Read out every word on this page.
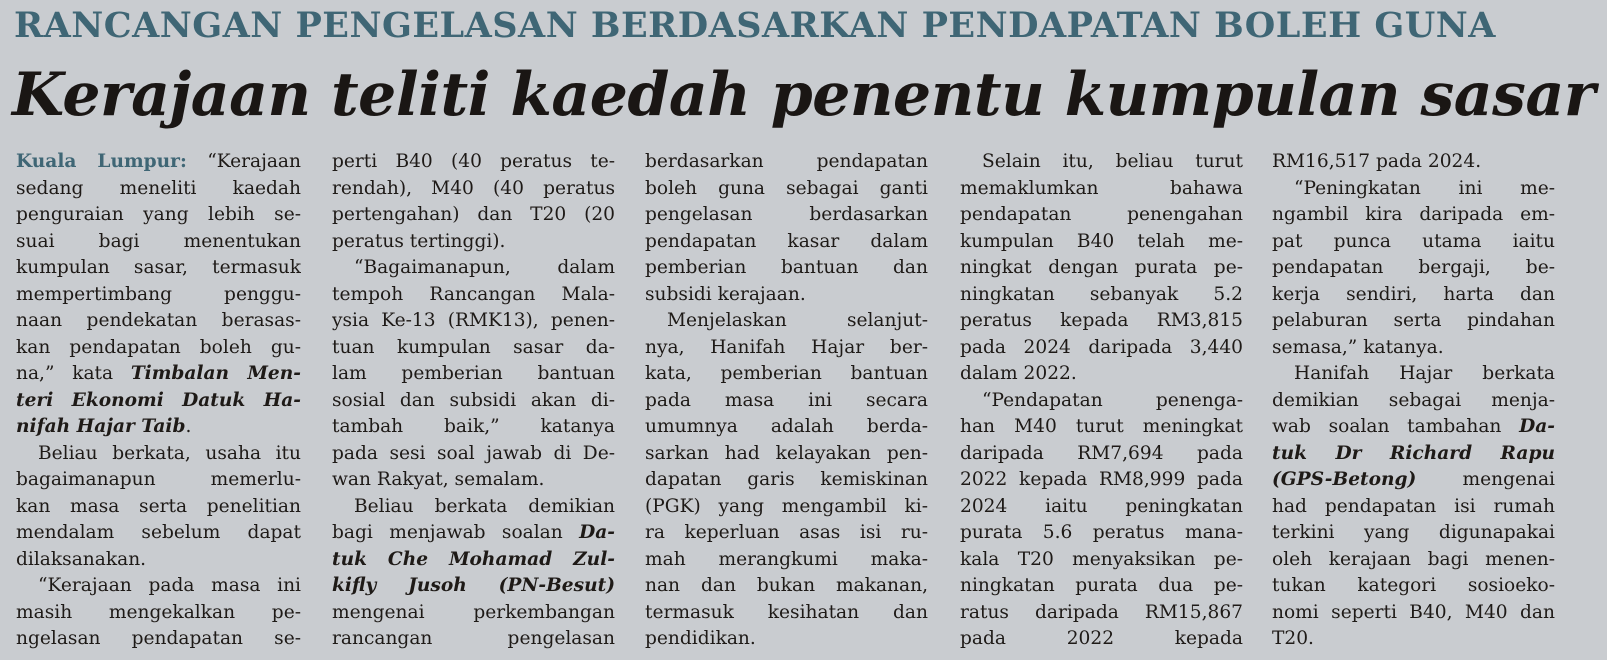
RANCANGAN PENGELASAN BERDASARKAN PENDAPATAN BOLEH GUNA
Kerajaan teliti kaedah penentu kumpulan sasar
Kuala Lumpur: “Kerajaan
sedang meneliti kaedah
penguraian yang lebih se-
suai bagi menentukan
kumpulan sasar, termasuk
mempertimbang penggu-
naan pendekatan berasas-
kan pendapatan boleh gu-
na,” kata Timbalan Men-
teri Ekonomi Datuk Ha-
nifah Hajar Taib.
Beliau berkata, usaha itu
bagaimanapun memerlu-
kan masa serta penelitian
mendalam sebelum dapat
dilaksanakan.
“Kerajaan pada masa ini
masih mengekalkan pe-
ngelasan pendapatan se-
perti B40 (40 peratus te-
rendah), M40 (40 peratus
pertengahan) dan T20 (20
peratus tertinggi).
“Bagaimanapun, dalam
tempoh Rancangan Mala-
ysia Ke-13 (RMK13), penen-
tuan kumpulan sasar da-
lam pemberian bantuan
sosial dan subsidi akan di-
tambah baik,” katanya
pada sesi soal jawab di De-
wan Rakyat, semalam.
Beliau berkata demikian
bagi menjawab soalan Da-
tuk Che Mohamad Zul-
kifly Jusoh (PN-Besut)
mengenai perkembangan
rancangan pengelasan
berdasarkan pendapatan
boleh guna sebagai ganti
pengelasan berdasarkan
pendapatan kasar dalam
pemberian bantuan dan
subsidi kerajaan.
Menjelaskan selanjut-
nya, Hanifah Hajar ber-
kata, pemberian bantuan
pada masa ini secara
umumnya adalah berda-
sarkan had kelayakan pen-
dapatan garis kemiskinan
(PGK) yang mengambil ki-
ra keperluan asas isi ru-
mah merangkumi maka-
nan dan bukan makanan,
termasuk kesihatan dan
pendidikan.
Selain itu, beliau turut
memaklumkan bahawa
pendapatan penengahan
kumpulan B40 telah me-
ningkat dengan purata pe-
ningkatan sebanyak 5.2
peratus kepada RM3,815
pada 2024 daripada 3,440
dalam 2022.
“Pendapatan penenga-
han M40 turut meningkat
daripada RM7,694 pada
2022 kepada RM8,999 pada
2024 iaitu peningkatan
purata 5.6 peratus mana-
kala T20 menyaksikan pe-
ningkatan purata dua pe-
ratus daripada RM15,867
pada 2022 kepada
RM16,517 pada 2024.
“Peningkatan ini me-
ngambil kira daripada em-
pat punca utama iaitu
pendapatan bergaji, be-
kerja sendiri, harta dan
pelaburan serta pindahan
semasa,” katanya.
Hanifah Hajar berkata
demikian sebagai menja-
wab soalan tambahan Da-
tuk Dr Richard Rapu
(GPS-Betong) mengenai
had pendapatan isi rumah
terkini yang digunapakai
oleh kerajaan bagi menen-
tukan kategori sosioeko-
nomi seperti B40, M40 dan
T20.
